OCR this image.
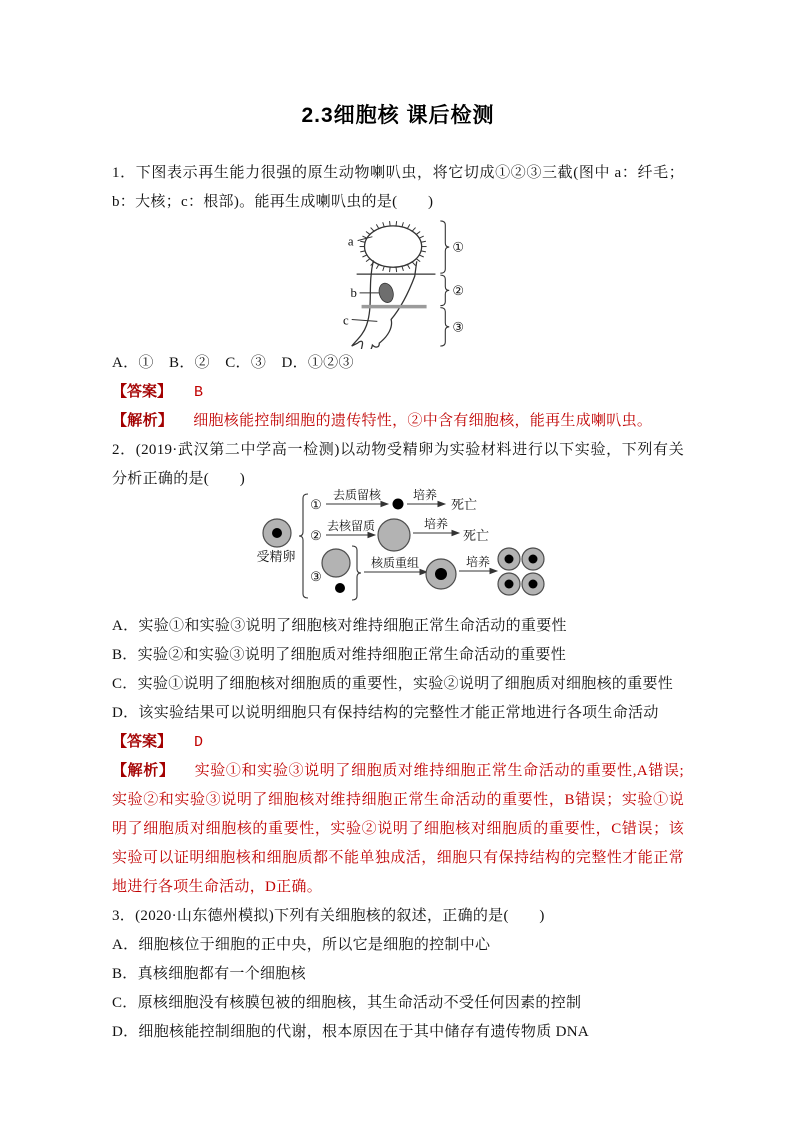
2.3细胞核 课后检测

1．下图表示再生能力很强的原生动物喇叭虫，将它切成①②③三截(图中 a：纤毛；b：大核；c：根部)。能再生成喇叭虫的是(　　)

a
b
c
①
②
③

A．①　B．②　C．③　D．①②③

【答案】 B

【解析】 细胞核能控制细胞的遗传特性，②中含有细胞核，能再生成喇叭虫。

2．(2019·武汉第二中学高一检测)以动物受精卵为实验材料进行以下实验，下列有关分析正确的是(　　)

受精卵
①
去质留核	培养
死亡
②
去核留质	培养
死亡
③
核质重组	培养

A．实验①和实验③说明了细胞核对维持细胞正常生命活动的重要性

B．实验②和实验③说明了细胞质对维持细胞正常生命活动的重要性

C．实验①说明了细胞核对细胞质的重要性，实验②说明了细胞质对细胞核的重要性

D．该实验结果可以说明细胞只有保持结构的完整性才能正常地进行各项生命活动

【答案】 D

【解析】 实验①和实验③说明了细胞质对维持细胞正常生命活动的重要性,A错误;实验②和实验③说明了细胞核对维持细胞正常生命活动的重要性，B错误；实验①说明了细胞质对细胞核的重要性，实验②说明了细胞核对细胞质的重要性，C错误；该实验可以证明细胞核和细胞质都不能单独成活，细胞只有保持结构的完整性才能正常地进行各项生命活动，D正确。

3．(2020·山东德州模拟)下列有关细胞核的叙述，正确的是(　　)

A．细胞核位于细胞的正中央，所以它是细胞的控制中心

B．真核细胞都有一个细胞核

C．原核细胞没有核膜包被的细胞核，其生命活动不受任何因素的控制

D．细胞核能控制细胞的代谢，根本原因在于其中储存有遗传物质 DNA
